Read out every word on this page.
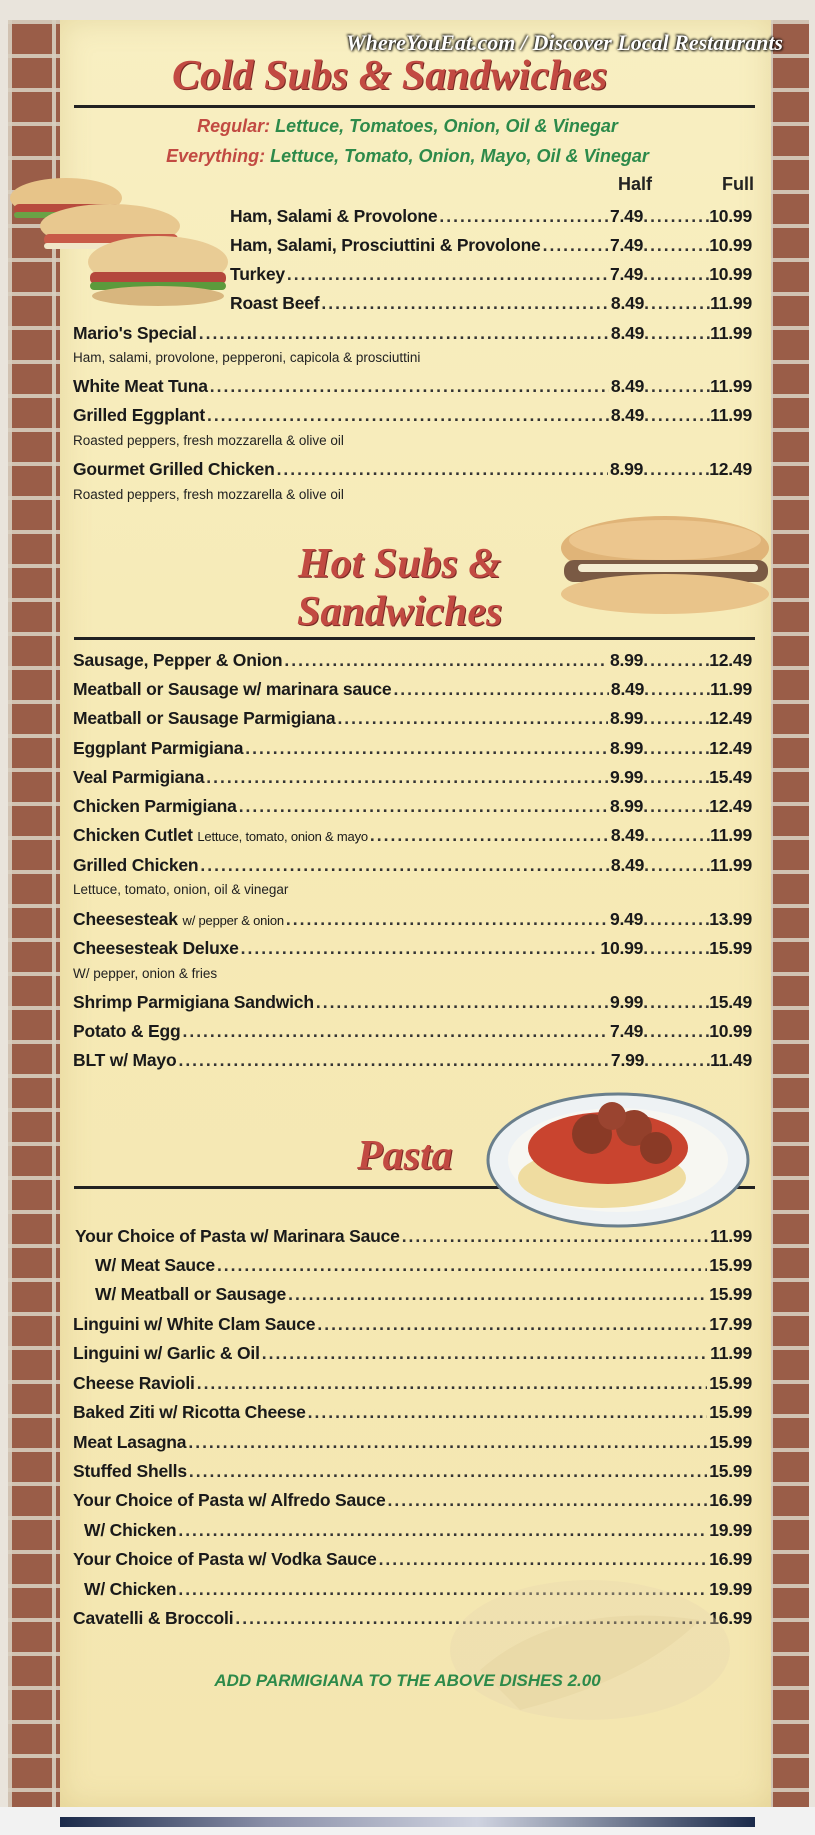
WhereYouEat.com / Discover Local Restaurants
Cold Subs & Sandwiches
Regular: Lettuce, Tomatoes, Onion, Oil & Vinegar
Everything: Lettuce, Tomato, Onion, Mayo, Oil & Vinegar
Half	Full
Ham, Salami & Provolone .....	7.49 .....	10.99
Ham, Salami, Prosciuttini & Provolone .....	7.49 .....	10.99
Turkey .....	7.49 .....	10.99
Roast Beef .....	8.49 .....	11.99
Mario's Special .....	8.49 .....	11.99
Ham, salami, provolone, pepperoni, capicola & prosciuttini
White Meat Tuna .....	8.49 .....	11.99
Grilled Eggplant .....	8.49 .....	11.99
Roasted peppers, fresh mozzarella & olive oil
Gourmet Grilled Chicken .....	8.99 .....	12.49
Roasted peppers, fresh mozzarella & olive oil
Hot Subs &
Sandwiches
Sausage, Pepper & Onion .....	8.99 .....	12.49
Meatball or Sausage w/ marinara sauce .....	8.49 .....	11.99
Meatball or Sausage Parmigiana .....	8.99 .....	12.49
Eggplant Parmigiana .....	8.99 .....	12.49
Veal Parmigiana .....	9.99 .....	15.49
Chicken Parmigiana .....	8.99 .....	12.49
Chicken Cutlet Lettuce, tomato, onion & mayo .....	8.49 .....	11.99
Grilled Chicken .....	8.49 .....	11.99
Lettuce, tomato, onion, oil & vinegar
Cheesesteak w/ pepper & onion .....	9.49 .....	13.99
Cheesesteak Deluxe .....	10.99 .....	15.99
W/ pepper, onion & fries
Shrimp Parmigiana Sandwich .....	9.99 .....	15.49
Potato & Egg .....	7.49 .....	10.99
BLT w/ Mayo .....	7.99 .....	11.49
Pasta
Your Choice of Pasta w/ Marinara Sauce .....	11.99
W/ Meat Sauce .....	15.99
W/ Meatball or Sausage .....	15.99
Linguini w/ White Clam Sauce .....	17.99
Linguini w/ Garlic & Oil .....	11.99
Cheese Ravioli .....	15.99
Baked Ziti w/ Ricotta Cheese .....	15.99
Meat Lasagna .....	15.99
Stuffed Shells .....	15.99
Your Choice of Pasta w/ Alfredo Sauce .....	16.99
W/ Chicken .....	19.99
Your Choice of Pasta w/ Vodka Sauce .....	16.99
W/ Chicken .....	19.99
Cavatelli & Broccoli .....	16.99
ADD PARMIGIANA TO THE ABOVE DISHES 2.00
